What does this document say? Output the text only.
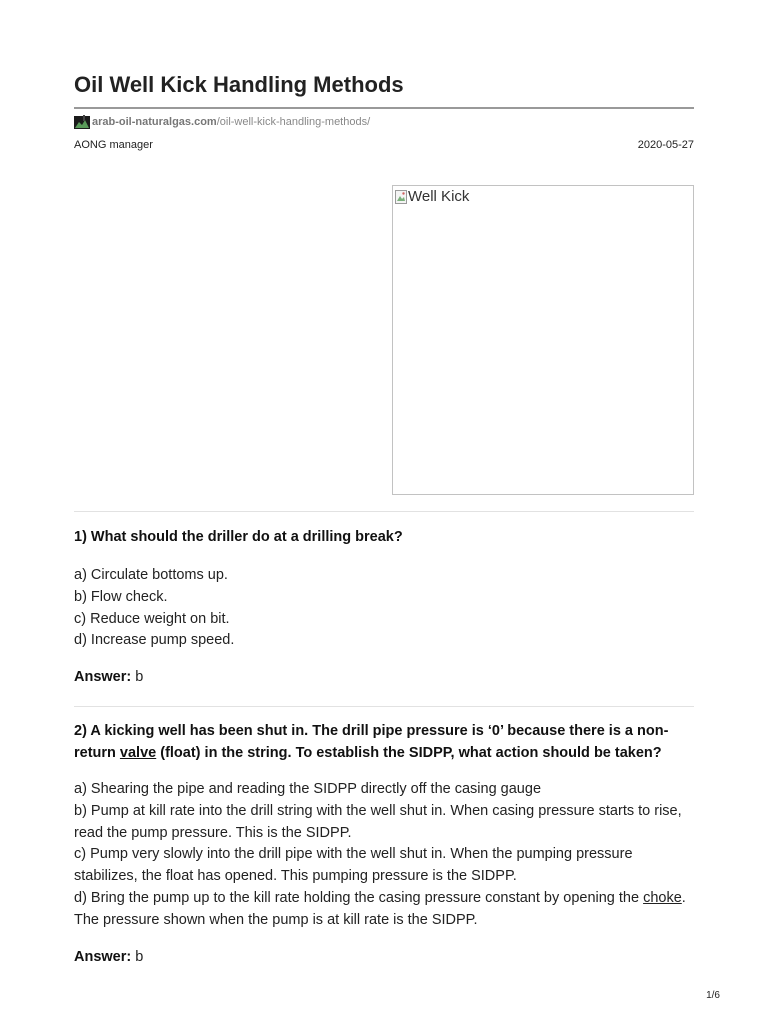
Oil Well Kick Handling Methods
arab-oil-naturalgas.com /oil-well-kick-handling-methods/
AONG manager	2020-05-27
Well Kick

1) What should the driller do at a drilling break?

a) Circulate bottoms up.
b) Flow check.
c) Reduce weight on bit.
d) Increase pump speed.
Answer: b

2) A kicking well has been shut in. The drill pipe pressure is ‘0’ because there is a non-return valve (float) in the string. To establish the SIDPP, what action should be taken?

a) Shearing the pipe and reading the SIDPP directly off the casing gauge
b) Pump at kill rate into the drill string with the well shut in. When casing pressure starts to rise, read the pump pressure. This is the SIDPP.
c) Pump very slowly into the drill pipe with the well shut in. When the pumping pressure stabilizes, the float has opened. This pumping pressure is the SIDPP.
d) Bring the pump up to the kill rate holding the casing pressure constant by opening the choke. The pressure shown when the pump is at kill rate is the SIDPP.
Answer: b
1/6
